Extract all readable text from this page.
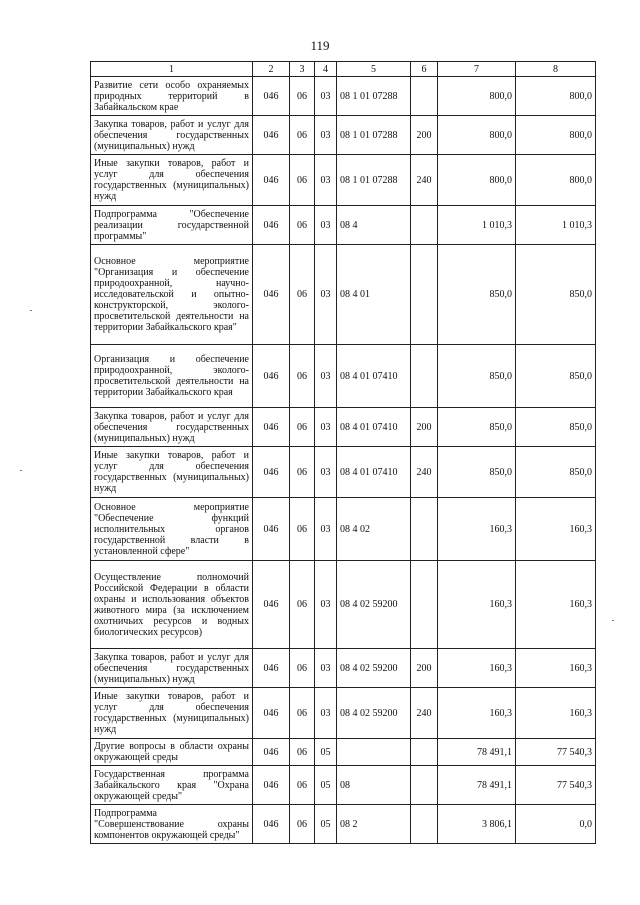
119
1	2	3	4	5	6	7	8
Развитие сети особо охраняемых природных территорий в Забайкальском крае	046	06	03	08 1 01 07288		800,0	800,0
Закупка товаров, работ и услуг для обеспечения государственных (муниципальных) нужд	046	06	03	08 1 01 07288	200	800,0	800,0
Иные закупки товаров, работ и услуг для обеспечения государственных (муниципальных) нужд	046	06	03	08 1 01 07288	240	800,0	800,0
Подпрограмма "Обеспечение реализации государственной программы"	046	06	03	08 4		1 010,3	1 010,3
Основное мероприятие "Организация и обеспечение природоохранной, научно-исследовательской и опытно-конструкторской, эколого-просветительской деятельности на территории Забайкальского края"	046	06	03	08 4 01		850,0	850,0
Организация и обеспечение природоохранной, эколого-просветительской деятельности на территории Забайкальского края	046	06	03	08 4 01 07410		850,0	850,0
Закупка товаров, работ и услуг для обеспечения государственных (муниципальных) нужд	046	06	03	08 4 01 07410	200	850,0	850,0
Иные закупки товаров, работ и услуг для обеспечения государственных (муниципальных) нужд	046	06	03	08 4 01 07410	240	850,0	850,0
Основное мероприятие "Обеспечение функций исполнительных органов государственной власти в установленной сфере"	046	06	03	08 4 02		160,3	160,3
Осуществление полномочий Российской Федерации в области охраны и использования объектов животного мира (за исключением охотничьих ресурсов и водных биологических ресурсов)	046	06	03	08 4 02 59200		160,3	160,3
Закупка товаров, работ и услуг для обеспечения государственных (муниципальных) нужд	046	06	03	08 4 02 59200	200	160,3	160,3
Иные закупки товаров, работ и услуг для обеспечения государственных (муниципальных) нужд	046	06	03	08 4 02 59200	240	160,3	160,3
Другие вопросы в области охраны окружающей среды	046	06	05			78 491,1	77 540,3
Государственная программа Забайкальского края "Охрана окружающей среды"	046	06	05	08		78 491,1	77 540,3
Подпрограмма "Совершенствование охраны компонентов окружающей среды"	046	06	05	08 2		3 806,1	0,0
